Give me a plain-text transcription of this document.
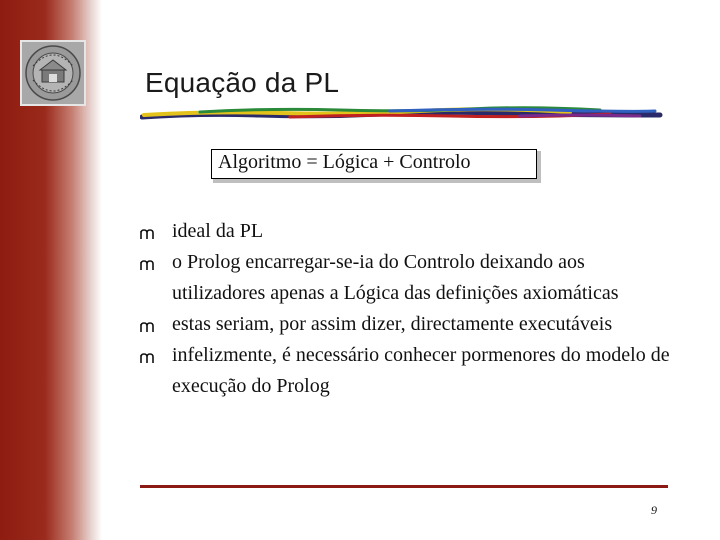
Equação da PL
Algoritmo = Lógica + Controlo
ideal da PL
o Prolog encarregar-se-ia do Controlo deixando aos utilizadores apenas a Lógica das definições axiomáticas
estas seriam, por assim dizer, directamente executáveis
infelizmente, é necessário conhecer pormenores do modelo de execução do Prolog
9
